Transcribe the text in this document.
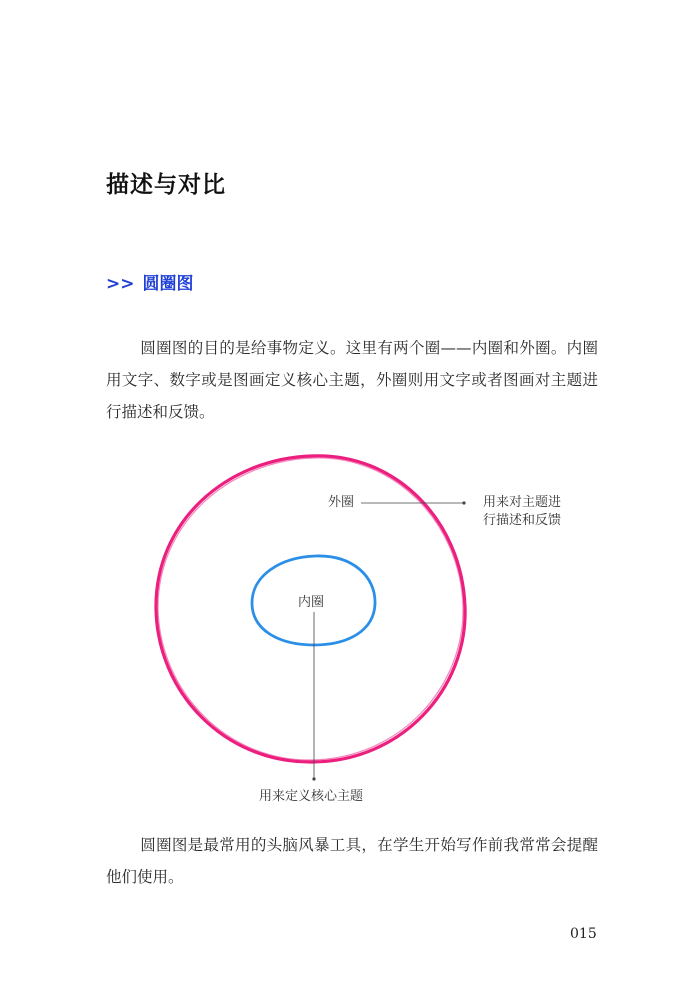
描述与对比
>> 圆圈图

圆圈图的目的是给事物定义。这里有两个圈——内圈和外圈。内圈用文字、数字或是图画定义核心主题，外圈则用文字或者图画对主题进行描述和反馈。

外圈	用来对主题进
行描述和反馈

内圈

用来定义核心主题

圆圈图是最常用的头脑风暴工具，在学生开始写作前我常常会提醒他们使用。

015
